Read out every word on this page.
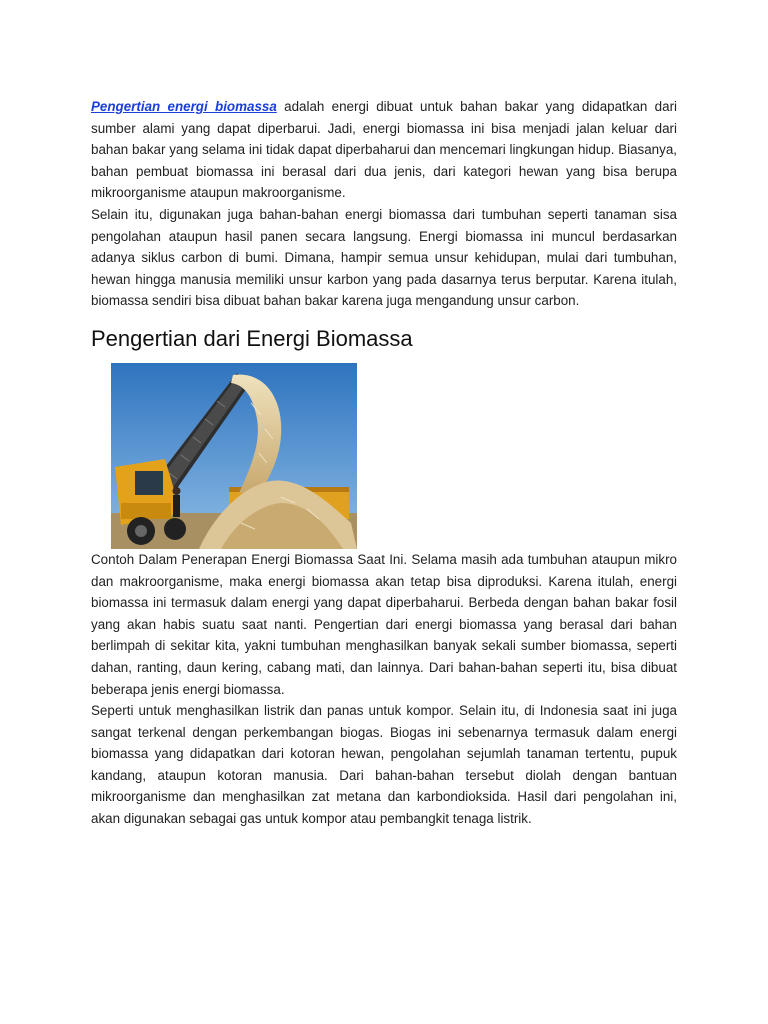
Pengertian energi biomassa adalah energi dibuat untuk bahan bakar yang didapatkan dari sumber alami yang dapat diperbarui. Jadi, energi biomassa ini bisa menjadi jalan keluar dari bahan bakar yang selama ini tidak dapat diperbaharui dan mencemari lingkungan hidup. Biasanya, bahan pembuat biomassa ini berasal dari dua jenis, dari kategori hewan yang bisa berupa mikroorganisme ataupun makroorganisme.

Selain itu, digunakan juga bahan-bahan energi biomassa dari tumbuhan seperti tanaman sisa pengolahan ataupun hasil panen secara langsung. Energi biomassa ini muncul berdasarkan adanya siklus carbon di bumi. Dimana, hampir semua unsur kehidupan, mulai dari tumbuhan, hewan hingga manusia memiliki unsur karbon yang pada dasarnya terus berputar. Karena itulah, biomassa sendiri bisa dibuat bahan bakar karena juga mengandung unsur carbon.

Pengertian dari Energi Biomassa

Contoh Dalam Penerapan Energi Biomassa Saat Ini. Selama masih ada tumbuhan ataupun mikro dan makroorganisme, maka energi biomassa akan tetap bisa diproduksi. Karena itulah, energi biomassa ini termasuk dalam energi yang dapat diperbaharui. Berbeda dengan bahan bakar fosil yang akan habis suatu saat nanti. Pengertian dari energi biomassa yang berasal dari bahan berlimpah di sekitar kita, yakni tumbuhan menghasilkan banyak sekali sumber biomassa, seperti dahan, ranting, daun kering, cabang mati, dan lainnya. Dari bahan-bahan seperti itu, bisa dibuat beberapa jenis energi biomassa.

Seperti untuk menghasilkan listrik dan panas untuk kompor. Selain itu, di Indonesia saat ini juga sangat terkenal dengan perkembangan biogas. Biogas ini sebenarnya termasuk dalam energi biomassa yang didapatkan dari kotoran hewan, pengolahan sejumlah tanaman tertentu, pupuk kandang, ataupun kotoran manusia. Dari bahan-bahan tersebut diolah dengan bantuan mikroorganisme dan menghasilkan zat metana dan karbondioksida. Hasil dari pengolahan ini, akan digunakan sebagai gas untuk kompor atau pembangkit tenaga listrik.
